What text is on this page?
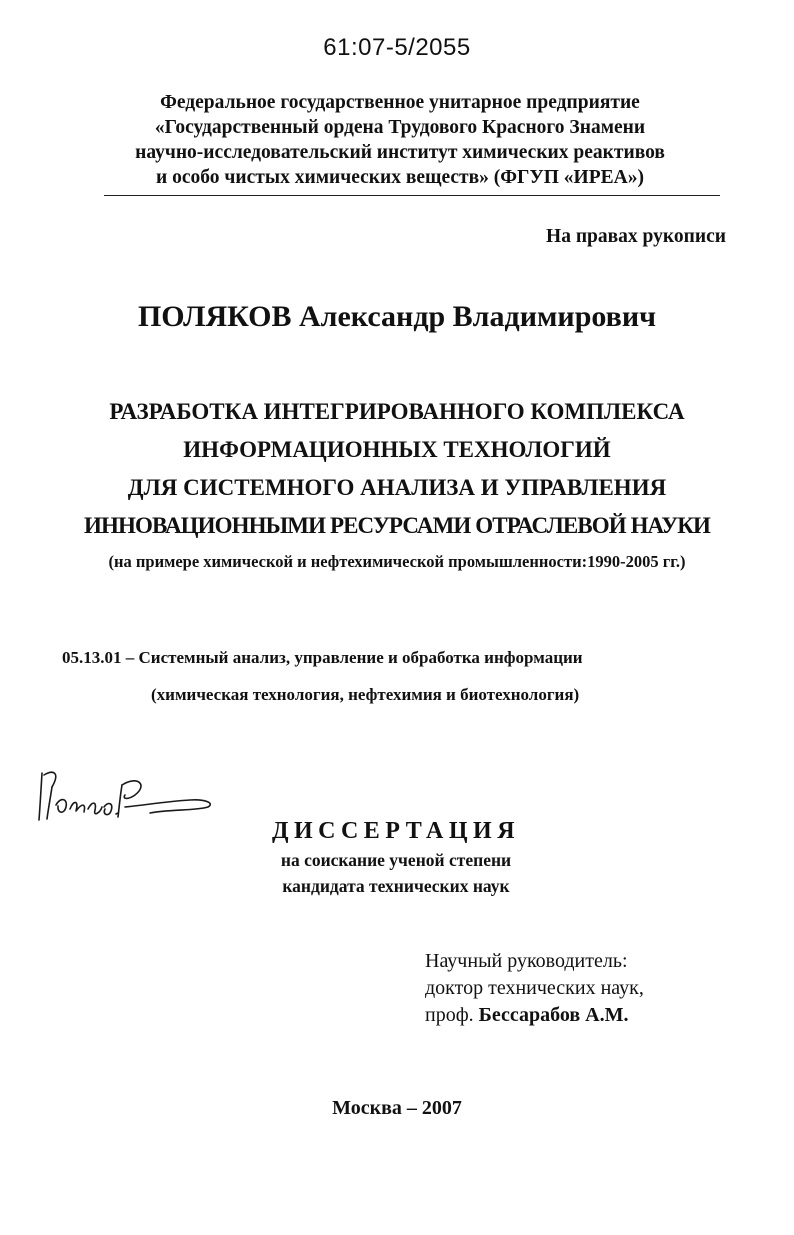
61:07-5/2055
Федеральное государственное унитарное предприятие
«Государственный ордена Трудового Красного Знамени
научно-исследовательский институт химических реактивов
и особо чистых химических веществ» (ФГУП «ИРЕА»)
На правах рукописи
ПОЛЯКОВ Александр Владимирович
РАЗРАБОТКА ИНТЕГРИРОВАННОГО КОМПЛЕКСА
ИНФОРМАЦИОННЫХ ТЕХНОЛОГИЙ
ДЛЯ СИСТЕМНОГО АНАЛИЗА И УПРАВЛЕНИЯ
ИННОВАЦИОННЫМИ РЕСУРСАМИ ОТРАСЛЕВОЙ НАУКИ
(на примере химической и нефтехимической промышленности:1990-2005 гг.)
05.13.01 – Системный анализ, управление и обработка информации
(химическая технология, нефтехимия и биотехнология)
ДИССЕРТАЦИЯ
на соискание ученой степени
кандидата технических наук
Научный руководитель:
доктор технических наук,
проф. Бессарабов А.М.
Москва – 2007
